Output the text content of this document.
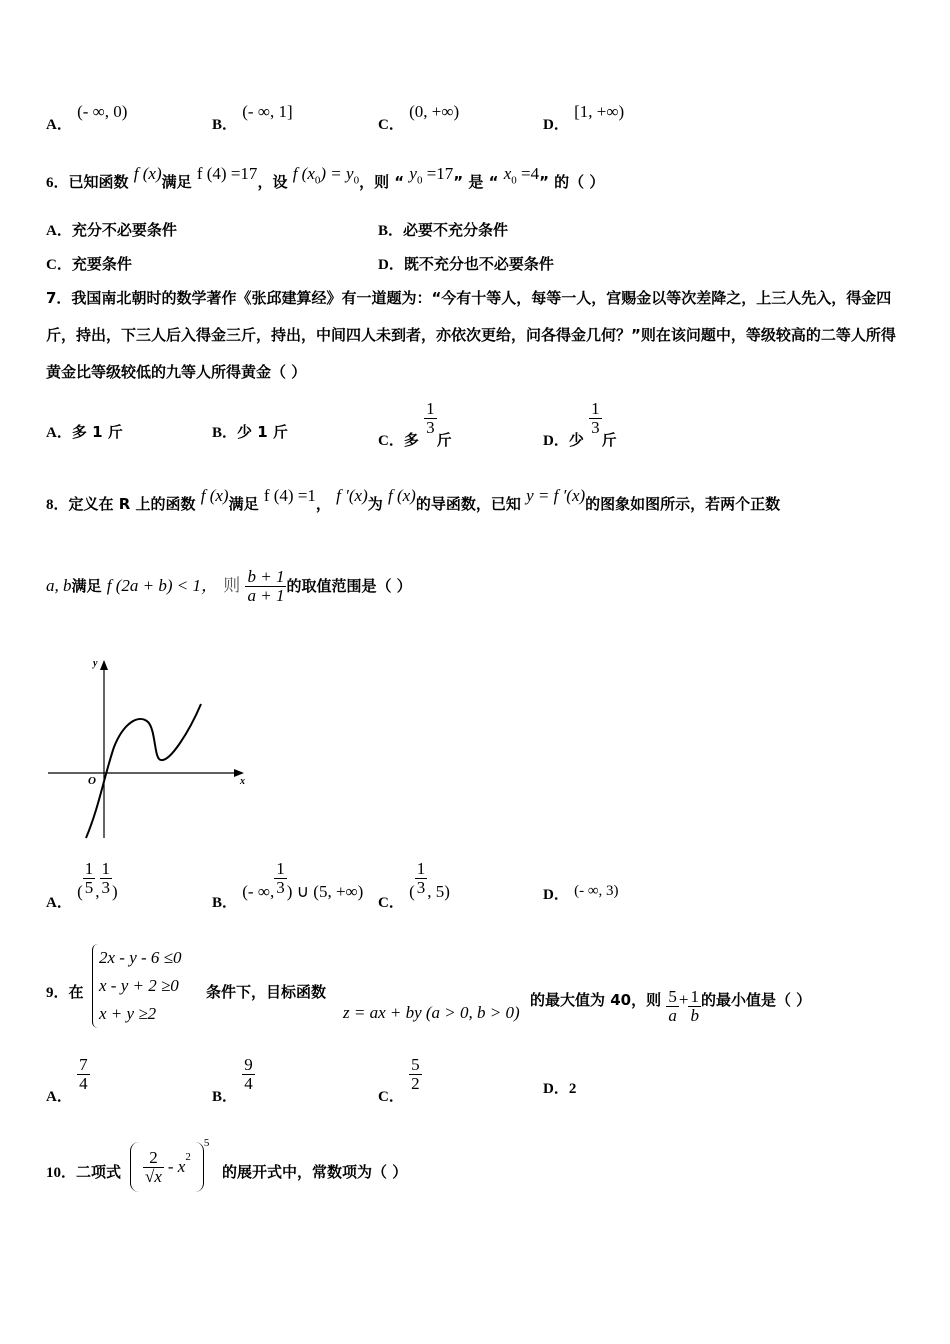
A． (- ∞, 0)
B． (- ∞, 1]
C． (0, +∞)
D． [1, +∞)
6．已知函数 f (x)满足 f (4) =17，设 f $(x_0) = y_0$，则 “ $y_0 =17$” 是 “ $x_0 =4$” 的（ ）
A．充分不必要条件	B．必要不充分条件
C．充要条件	D．既不充分也不必要条件
7．我国南北朝时的数学著作《张邱建算经》有一道题为：“今有十等人，每等一人，宫赐金以等次差降之，上三人先入，得金四斤，持出，下三人后入得金三斤，持出，中间四人未到者，亦依次更给，问各得金几何？”则在该问题中，等级较高的二等人所得黄金比等级较低的九等人所得黄金（ ）
A．多 1 斤	B．少 1 斤	C．多
$\frac{1}{3}$
斤	D．少
$\frac{1}{3}$
斤
8．定义在 R 上的函数 f (x)满足 f (4) =1， f ′(x)为 f (x)的导函数，已知 y = f ′(x)的图象如图所示，若两个正数
a, b满足 f (2a + b) < 1， 则 $\frac{b + 1}{a + 1}$ 的取值范围是（ ）
x
y
O
A． ( $\frac{1}{5}$ , $\frac{1}{3}$ )
B． (- ∞, $\frac{1}{3}$ ) ∪ (5, +∞)
C． ( $\frac{1}{3}$ , 5)	D． (- ∞, 3)
9．在
2x - y - 6 ≤0
x - y + 2 ≥0
x + y ≥2
条件下，目标函数
z = ax + by (a > 0, b > 0)
的最大值为 40，则 $\frac{5}{a} + \frac{1}{b}$ 的最小值是（ ）
A．
$\frac{7}{4}$
B．
$\frac{9}{4}$
C．
$\frac{5}{2}$	D．2
10．二项式 $\frac{2}{√x}$ - x 2
5
的展开式中，常数项为（ ）
